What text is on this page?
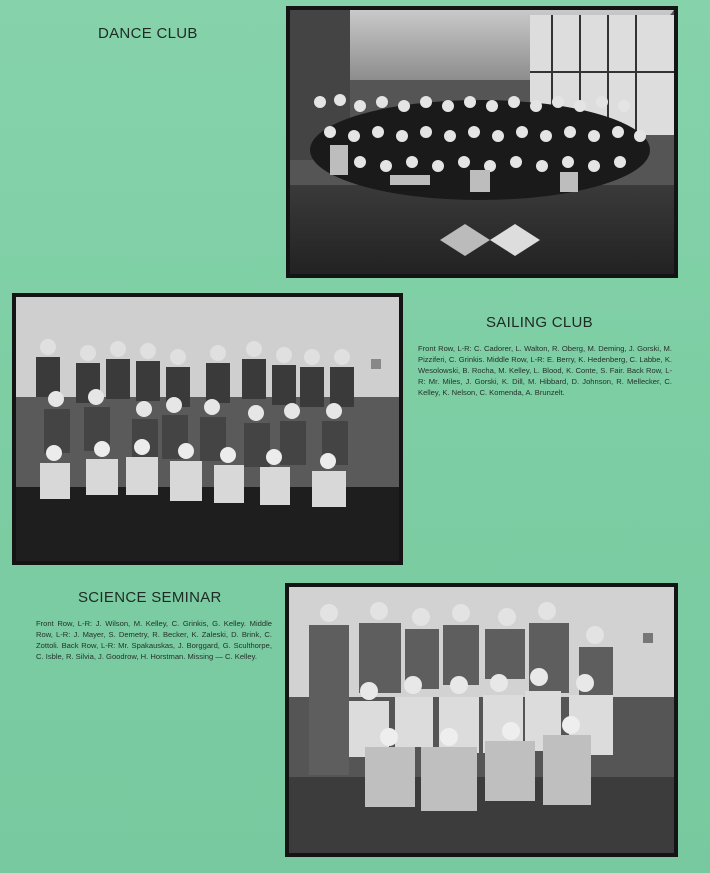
DANCE CLUB
SAILING CLUB
Front Row, L-R: C. Cadorer, L. Walton, R. Oberg, M. Deming, J. Gorski, M. Pizziferi, C. Grinkis. Middle Row, L-R: E. Berry, K. Hedenberg, C. Labbe, K. Wesolowski, B. Rocha, M. Kelley, L. Blood, K. Conte, S. Fair. Back Row, L-R: Mr. Miles, J. Gorski, K. Dill, M. Hibbard, D. Johnson, R. Mellecker, C. Kelley, K. Nelson, C. Komenda, A. Brunzelt.
SCIENCE SEMINAR
Front Row, L-R: J. Wilson, M. Kelley, C. Grinkis, G. Kelley. Middle Row, L-R: J. Mayer, S. Demetry, R. Becker, K. Zaleski, D. Brink, C. Zottoli. Back Row, L-R: Mr. Spakauskas, J. Borggard, G. Sculthorpe, C. Isble, R. Silvia, J. Goodrow, H. Horstman. Missing — C. Kelley.
